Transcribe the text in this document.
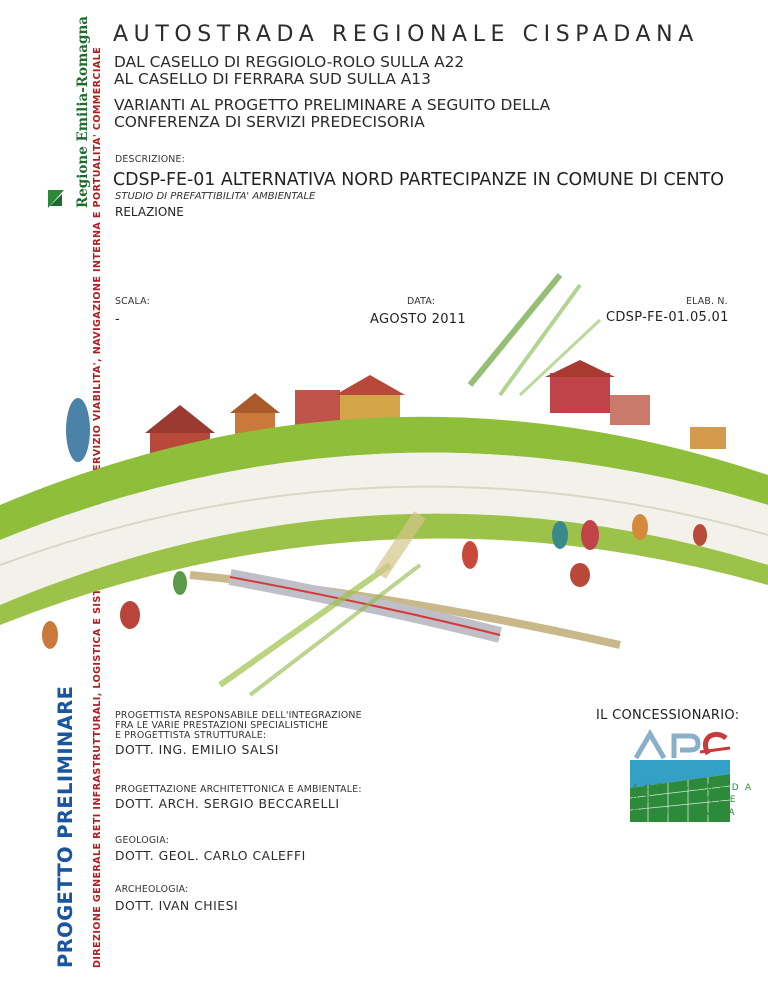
PROGETTO PRELIMINARE
Regione Emilia-Romagna AUTOSTRADA REGIONALE CISPADANA
DAL CASELLO DI REGGIOLO-ROLO SULLA A22
AL CASELLO DI FERRARA SUD SULLA A13
VARIANTI AL PROGETTO PRELIMINARE A SEGUITO DELLA
CONFERENZA DI SERVIZI PREDECISORIA
DESCRIZIONE:
CDSP-FE-01 ALTERNATIVA NORD PARTECIPANZE IN COMUNE DI CENTO
STUDIO DI PREFATTIBILITA' AMBIENTALE
RELAZIONE
SCALA:
-
DATA:
AGOSTO 2011
ELAB. N.
CDSP-FE-01.05.01
PROGETTISTA RESPONSABILE DELL'INTEGRAZIONE
FRA LE VARIE PRESTAZIONI SPECIALISTICHE
E PROGETTISTA STRUTTURALE:
DOTT. ING. EMILIO SALSI
PROGETTAZIONE ARCHITETTONICA E AMBIENTALE:
DOTT. ARCH. SERGIO BECCARELLI
GEOLOGIA:
DOTT. GEOL. CARLO CALEFFI
ARCHEOLOGIA:
DOTT. IVAN CHIESI
IL CONCESSIONARIO:
AUTOSTRADA
REGIONALE
CISPADANA
